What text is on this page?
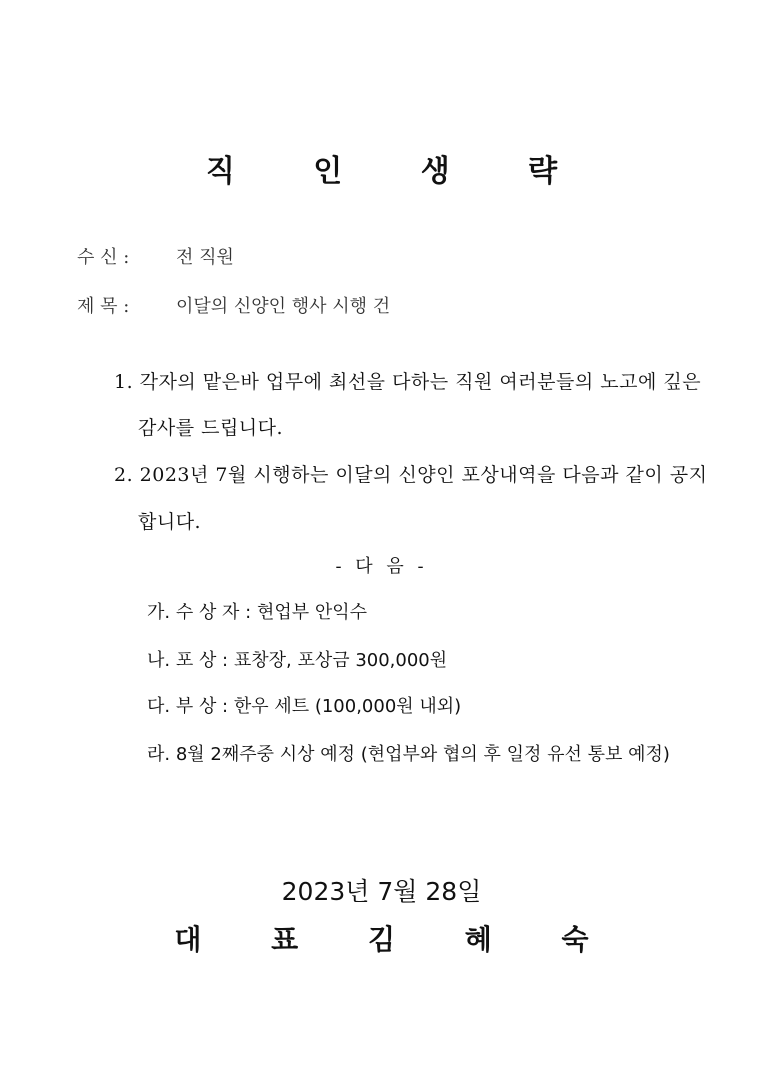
직 인 생 략
수 신 :	전 직원
제 목 :	이달의 신양인 행사 시행 건
1. 각자의 맡은바 업무에 최선을 다하는 직원 여러분들의 노고에 깊은
감사를 드립니다.
2. 2023년 7월 시행하는 이달의 신양인 포상내역을 다음과 같이 공지
합니다.
- 다 음 -
가. 수 상 자 : 현업부 안익수
나. 포 상 : 표창장, 포상금 300,000원
다. 부 상 : 한우 세트 (100,000원 내외)
라. 8월 2째주중 시상 예정 (현업부와 협의 후 일정 유선 통보 예정)
2023년 7월 28일
대 표 김 혜 숙
